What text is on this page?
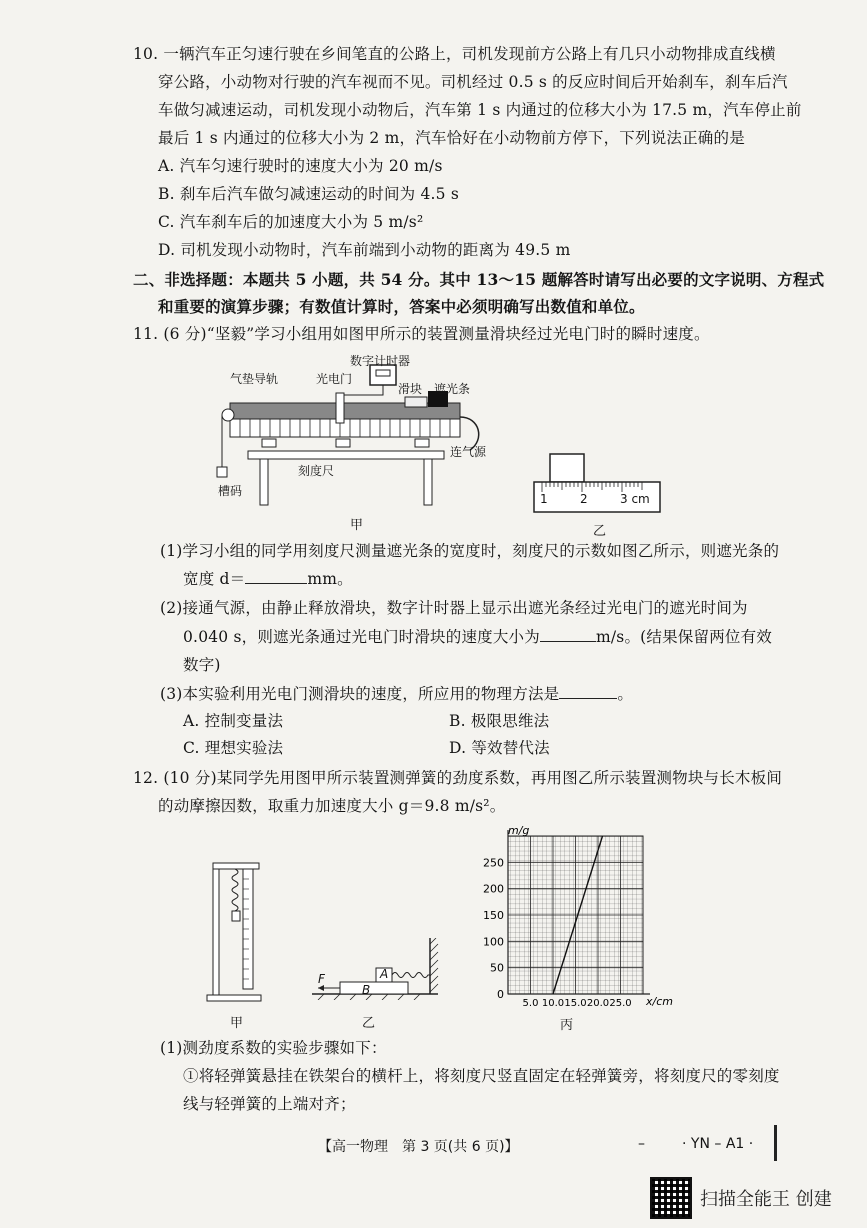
10. 一辆汽车正匀速行驶在乡间笔直的公路上，司机发现前方公路上有几只小动物排成直线横
穿公路，小动物对行驶的汽车视而不见。司机经过 0.5 s 的反应时间后开始刹车，刹车后汽
车做匀减速运动，司机发现小动物后，汽车第 1 s 内通过的位移大小为 17.5 m，汽车停止前
最后 1 s 内通过的位移大小为 2 m，汽车恰好在小动物前方停下，下列说法正确的是
A. 汽车匀速行驶时的速度大小为 20 m/s
B. 刹车后汽车做匀减速运动的时间为 4.5 s
C. 汽车刹车后的加速度大小为 5 m/s²
D. 司机发现小动物时，汽车前端到小动物的距离为 49.5 m
二、非选择题：本题共 5 小题，共 54 分。其中 13～15 题解答时请写出必要的文字说明、方程式
和重要的演算步骤；有数值计算时，答案中必须明确写出数值和单位。
11. (6 分)“坚毅”学习小组用如图甲所示的装置测量滑块经过光电门时的瞬时速度。
数字计时器
气垫导轨	光电门
滑块 遮光条
连气源
刻度尺
槽码
甲
1	2	3 cm
乙
(1)学习小组的同学用刻度尺测量遮光条的宽度时，刻度尺的示数如图乙所示，则遮光条的
宽度 d＝	mm。
(2)接通气源，由静止释放滑块，数字计时器上显示出遮光条经过光电门的遮光时间为
0.040 s，则遮光条通过光电门时滑块的速度大小为	m/s。(结果保留两位有效
数字)
(3)本实验利用光电门测滑块的速度，所应用的物理方法是	。
A. 控制变量法	B. 极限思维法
C. 理想实验法	D. 等效替代法
12. (10 分)某同学先用图甲所示装置测弹簧的劲度系数，再用图乙所示装置测物块与长木板间
的动摩擦因数，取重力加速度大小 g＝9.8 m/s²。
甲
F	A
B
乙
m/g
x/cm
0
50
100
150
200
250
5.0 10.0 15.0 20.0 25.0
丙
(1)测劲度系数的实验步骤如下：
①将轻弹簧悬挂在铁架台的横杆上，将刻度尺竖直固定在轻弹簧旁，将刻度尺的零刻度
线与轻弹簧的上端对齐；
【高一物理　第 3 页(共 6 页)】	–	· YN – A1 ·
扫描全能王 创建
